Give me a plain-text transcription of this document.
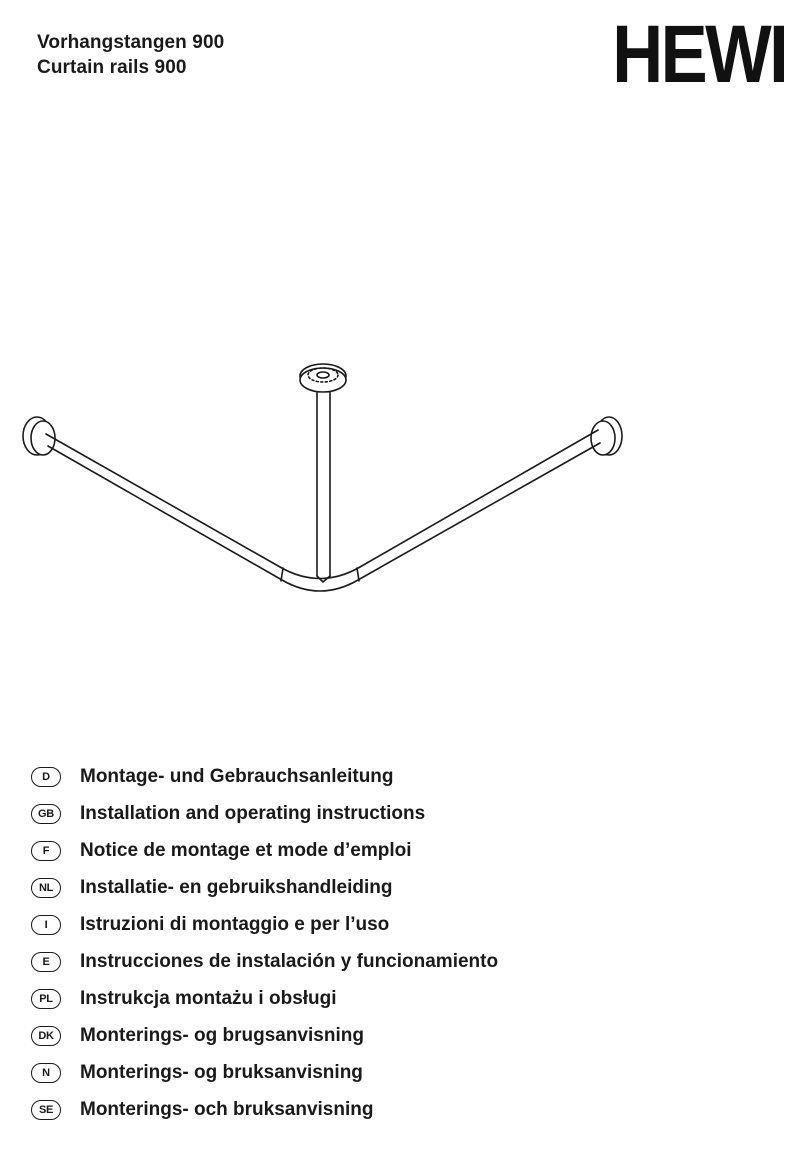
Vorhangstangen 900
Curtain rails 900	HEWI
D	Montage- und Gebrauchsanleitung
GB	Installation and operating instructions
F	Notice de montage et mode d’emploi
NL	Installatie- en gebruikshandleiding
I	Istruzioni di montaggio e per l’uso
E	Instrucciones de instalación y funcionamiento
PL	Instrukcja montażu i obsługi
DK	Monterings- og brugsanvisning
N	Monterings- og bruksanvisning
SE	Monterings- och bruksanvisning
